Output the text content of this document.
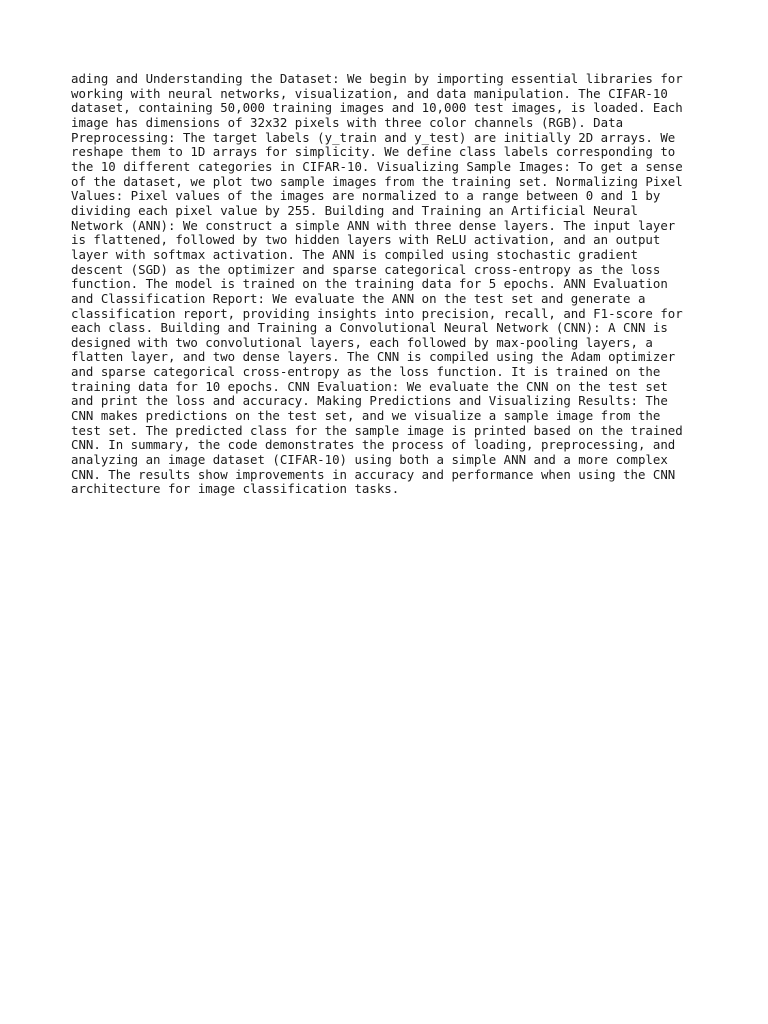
ading and Understanding the Dataset: We begin by importing essential libraries for
working with neural networks, visualization, and data manipulation. The CIFAR-10
dataset, containing 50,000 training images and 10,000 test images, is loaded. Each
image has dimensions of 32x32 pixels with three color channels (RGB). Data
Preprocessing: The target labels (y_train and y_test) are initially 2D arrays. We
reshape them to 1D arrays for simplicity. We define class labels corresponding to
the 10 different categories in CIFAR-10. Visualizing Sample Images: To get a sense
of the dataset, we plot two sample images from the training set. Normalizing Pixel
Values: Pixel values of the images are normalized to a range between 0 and 1 by
dividing each pixel value by 255. Building and Training an Artificial Neural
Network (ANN): We construct a simple ANN with three dense layers. The input layer
is flattened, followed by two hidden layers with ReLU activation, and an output
layer with softmax activation. The ANN is compiled using stochastic gradient
descent (SGD) as the optimizer and sparse categorical cross-entropy as the loss
function. The model is trained on the training data for 5 epochs. ANN Evaluation
and Classification Report: We evaluate the ANN on the test set and generate a
classification report, providing insights into precision, recall, and F1-score for
each class. Building and Training a Convolutional Neural Network (CNN): A CNN is
designed with two convolutional layers, each followed by max-pooling layers, a
flatten layer, and two dense layers. The CNN is compiled using the Adam optimizer
and sparse categorical cross-entropy as the loss function. It is trained on the
training data for 10 epochs. CNN Evaluation: We evaluate the CNN on the test set
and print the loss and accuracy. Making Predictions and Visualizing Results: The
CNN makes predictions on the test set, and we visualize a sample image from the
test set. The predicted class for the sample image is printed based on the trained
CNN. In summary, the code demonstrates the process of loading, preprocessing, and
analyzing an image dataset (CIFAR-10) using both a simple ANN and a more complex
CNN. The results show improvements in accuracy and performance when using the CNN
architecture for image classification tasks.
